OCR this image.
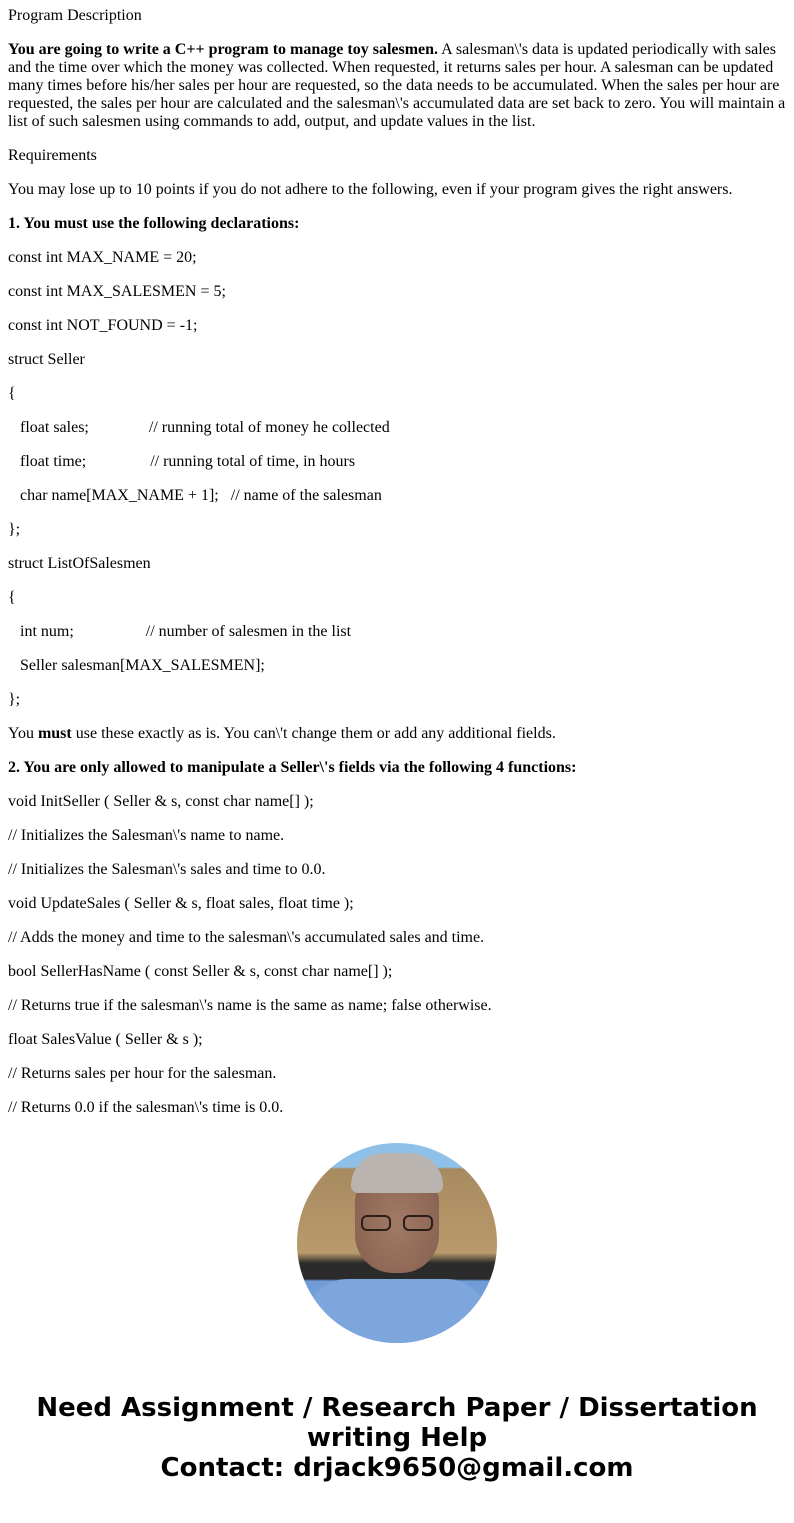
Program Description

You are going to write a C++ program to manage toy salesmen. A salesman\'s data is updated periodically with sales and the time over which the money was collected. When requested, it returns sales per hour. A salesman can be updated many times before his/her sales per hour are requested, so the data needs to be accumulated. When the sales per hour are requested, the sales per hour are calculated and the salesman\'s accumulated data are set back to zero. You will maintain a list of such salesmen using commands to add, output, and update values in the list.

Requirements

You may lose up to 10 points if you do not adhere to the following, even if your program gives the right answers.

1. You must use the following declarations:

const int MAX_NAME = 20;

const int MAX_SALESMEN = 5;

const int NOT_FOUND = -1;

struct Seller

{

float sales;               // running total of money he collected

float time;                // running total of time, in hours

char name[MAX_NAME + 1];   // name of the salesman

};

struct ListOfSalesmen

{

int num;                  // number of salesmen in the list

Seller salesman[MAX_SALESMEN];

};

You must use these exactly as is. You can\'t change them or add any additional fields.

2. You are only allowed to manipulate a Seller\'s fields via the following 4 functions:

void InitSeller ( Seller & s, const char name[] );

// Initializes the Salesman\'s name to name.

// Initializes the Salesman\'s sales and time to 0.0.

void UpdateSales ( Seller & s, float sales, float time );

// Adds the money and time to the salesman\'s accumulated sales and time.

bool SellerHasName ( const Seller & s, const char name[] );

// Returns true if the salesman\'s name is the same as name; false otherwise.

float SalesValue ( Seller & s );

// Returns sales per hour for the salesman.

// Returns 0.0 if the salesman\'s time is 0.0.

Need Assignment / Research Paper / Dissertation writing Help
Contact: drjack9650@gmail.com
